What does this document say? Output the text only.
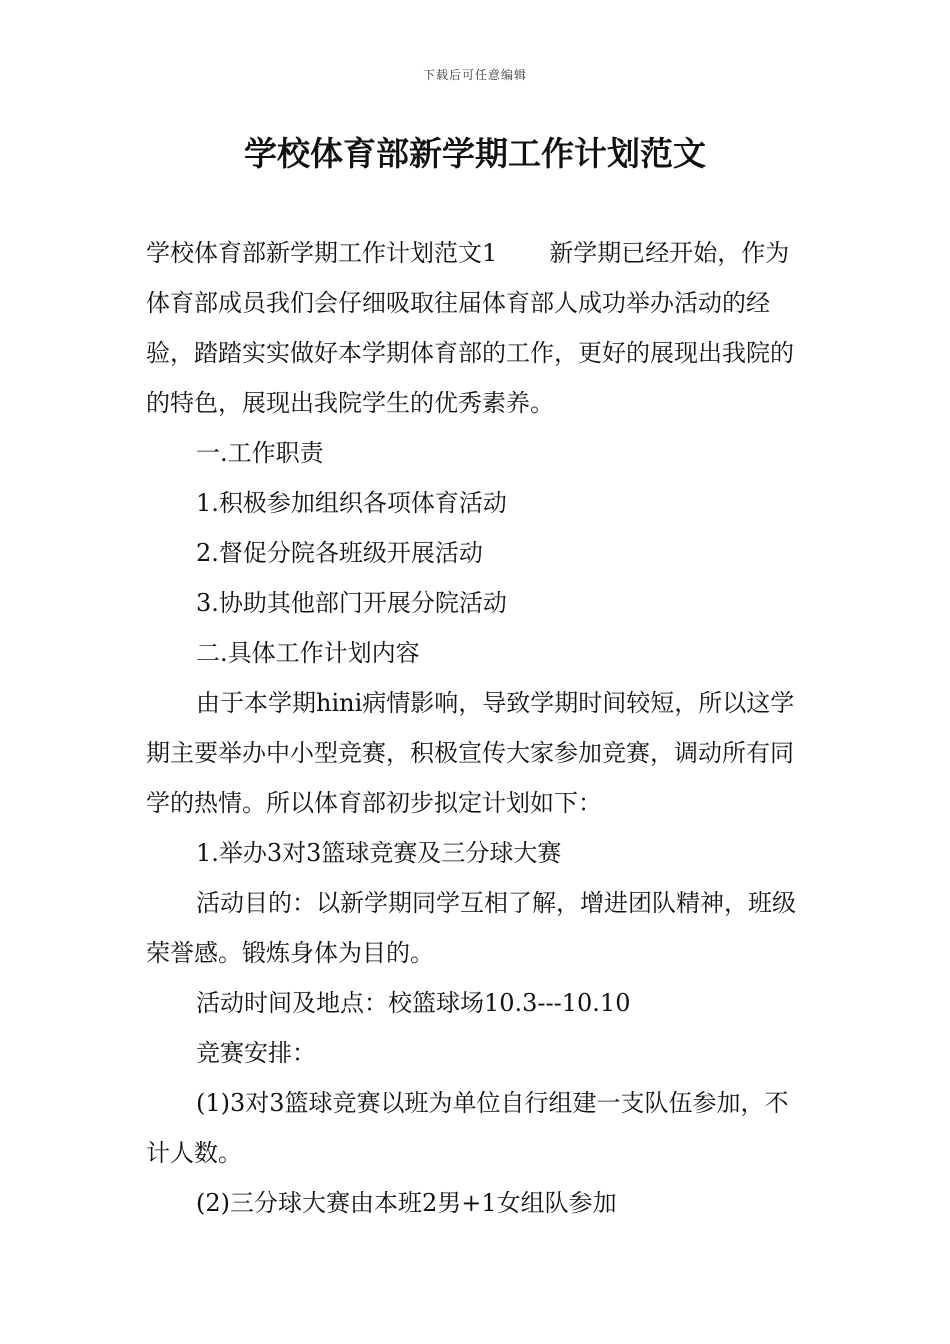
下载后可任意编辑
学校体育部新学期工作计划范文

学校体育部新学期工作计划范文1 新学期已经开始，作为体育部成员我们会仔细吸取往届体育部人成功举办活动的经验，踏踏实实做好本学期体育部的工作，更好的展现出我院的的特色，展现出我院学生的优秀素养。

一.工作职责

1.积极参加组织各项体育活动

2.督促分院各班级开展活动

3.协助其他部门开展分院活动

二.具体工作计划内容

由于本学期hini病情影响，导致学期时间较短，所以这学期主要举办中小型竞赛，积极宣传大家参加竞赛，调动所有同学的热情。所以体育部初步拟定计划如下：

1.举办3对3篮球竞赛及三分球大赛

活动目的：以新学期同学互相了解，增进团队精神，班级荣誉感。锻炼身体为目的。

活动时间及地点：校篮球场10.3---10.10

竞赛安排：

(1)3对3篮球竞赛以班为单位自行组建一支队伍参加，不计人数。

(2)三分球大赛由本班2男+1女组队参加
